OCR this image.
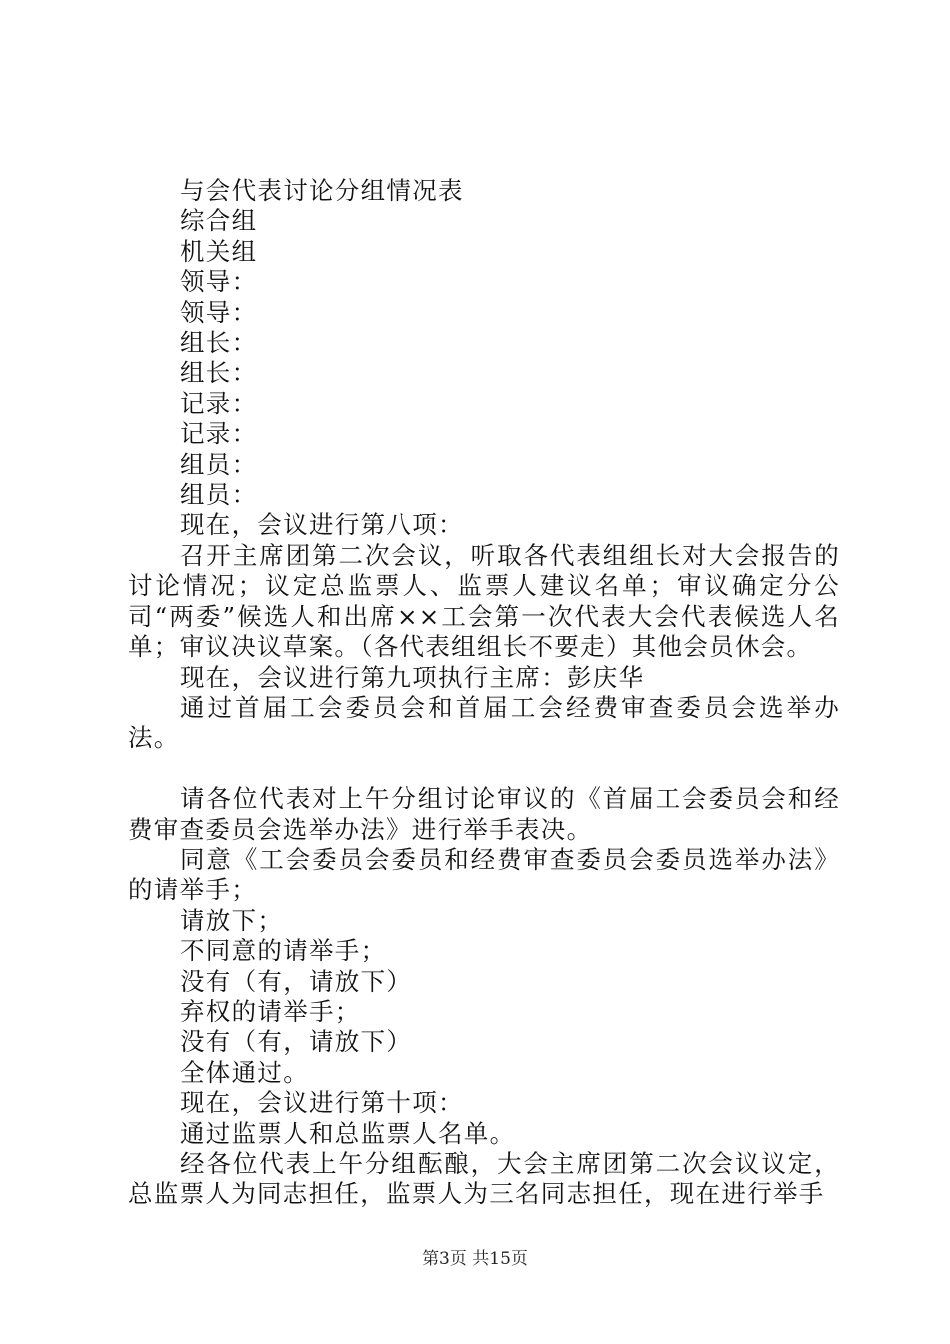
与会代表讨论分组情况表

综合组

机关组

领导：

领导：

组长：

组长：

记录：

记录：

组员：

组员：

现在，会议进行第八项：

召开主席团第二次会议，听取各代表组组长对大会报告的讨论情况；议定总监票人、监票人建议名单；审议确定分公司“两委”候选人和出席××工会第一次代表大会代表候选人名单；审议决议草案。（各代表组组长不要走）其他会员休会。

现在，会议进行第九项执行主席：彭庆华

通过首届工会委员会和首届工会经费审查委员会选举办法。

请各位代表对上午分组讨论审议的《首届工会委员会和经费审查委员会选举办法》进行举手表决。

同意《工会委员会委员和经费审查委员会委员选举办法》的请举手；

请放下；

不同意的请举手；

没有（有，请放下）

弃权的请举手；

没有（有，请放下）

全体通过。

现在，会议进行第十项：

通过监票人和总监票人名单。

经各位代表上午分组酝酿，大会主席团第二次会议议定，总监票人为同志担任，监票人为三名同志担任，现在进行举手

第3页 共15页
